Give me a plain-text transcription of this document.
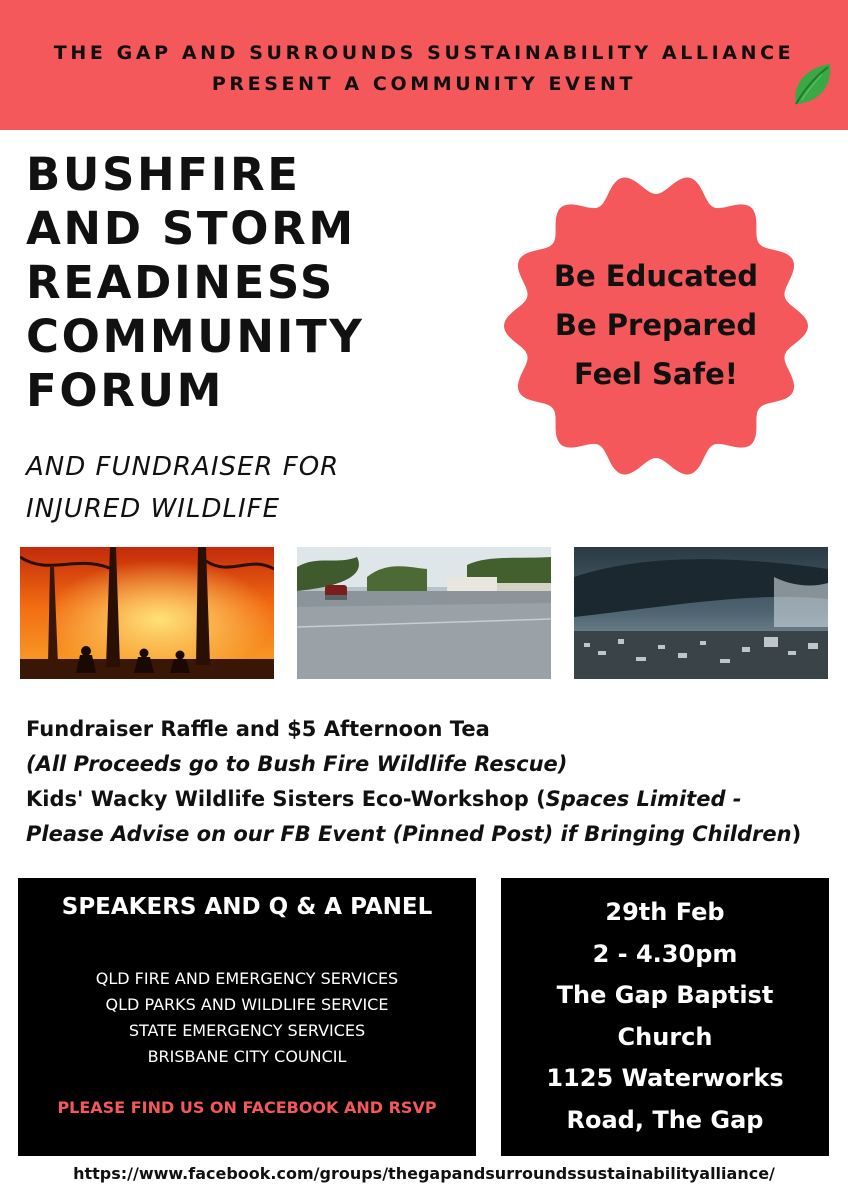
THE GAP AND SURROUNDS SUSTAINABILITY ALLIANCE
PRESENT A COMMUNITY EVENT
BUSHFIRE
AND STORM
READINESS
COMMUNITY
FORUM
Be Educated
Be Prepared
Feel Safe!
AND FUNDRAISER FOR
INJURED WILDLIFE
Fundraiser Raffle and $5 Afternoon Tea
(All Proceeds go to Bush Fire Wildlife Rescue)
Kids' Wacky Wildlife Sisters Eco-Workshop (Spaces Limited -
Please Advise on our FB Event (Pinned Post) if Bringing Children)
SPEAKERS AND Q & A PANEL
QLD FIRE AND EMERGENCY SERVICES
QLD PARKS AND WILDLIFE SERVICE
STATE EMERGENCY SERVICES
BRISBANE CITY COUNCIL
PLEASE FIND US ON FACEBOOK AND RSVP
29th Feb
2 - 4.30pm
The Gap Baptist
Church
1125 Waterworks
Road, The Gap
https://www.facebook.com/groups/thegapandsurroundssustainabilityalliance/
